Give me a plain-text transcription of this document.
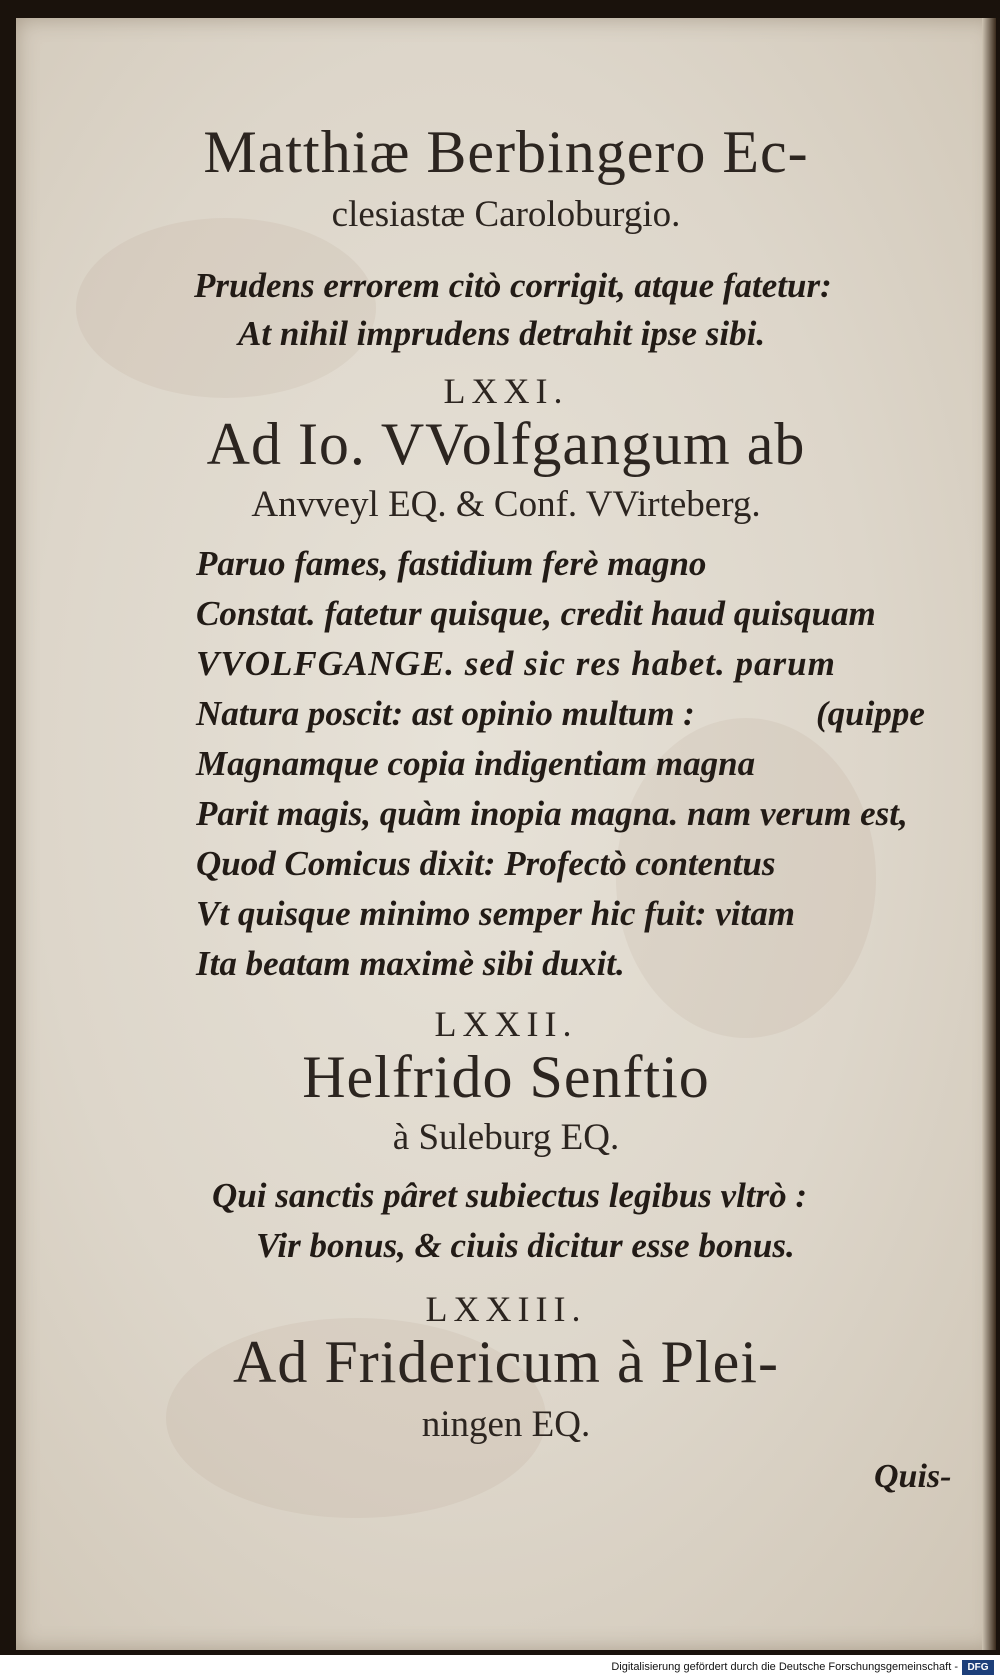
Matthiæ Berbingero Ec-
clesiastæ Caroloburgio.
Prudens errorem citò corrigit, atque fatetur:
At nihil imprudens detrahit ipse sibi.
LXXI.
Ad Io. VVolfgangum ab
Anvveyl EQ. & Conf. VVirteberg.
Paruo fames, fastidium ferè magno
Constat. fatetur quisque, credit haud quisquam
VVOLFGANGE. sed sic res habet. parum
Natura poscit: ast opinio multum :	(quippe
Magnamque copia indigentiam magna
Parit magis, quàm inopia magna. nam verum est,
Quod Comicus dixit: Profectò contentus
Vt quisque minimo semper hic fuit: vitam
Ita beatam maximè sibi duxit.
LXXII.
Helfrido Senftio
à Suleburg EQ.
Qui sanctis pâret subiectus legibus vltrò :
Vir bonus, & ciuis dicitur esse bonus.
LXXIII.
Ad Fridericum à Plei-
ningen EQ.
Quis-
Digitalisierung gefördert durch die Deutsche Forschungsgemeinschaft - DFG
